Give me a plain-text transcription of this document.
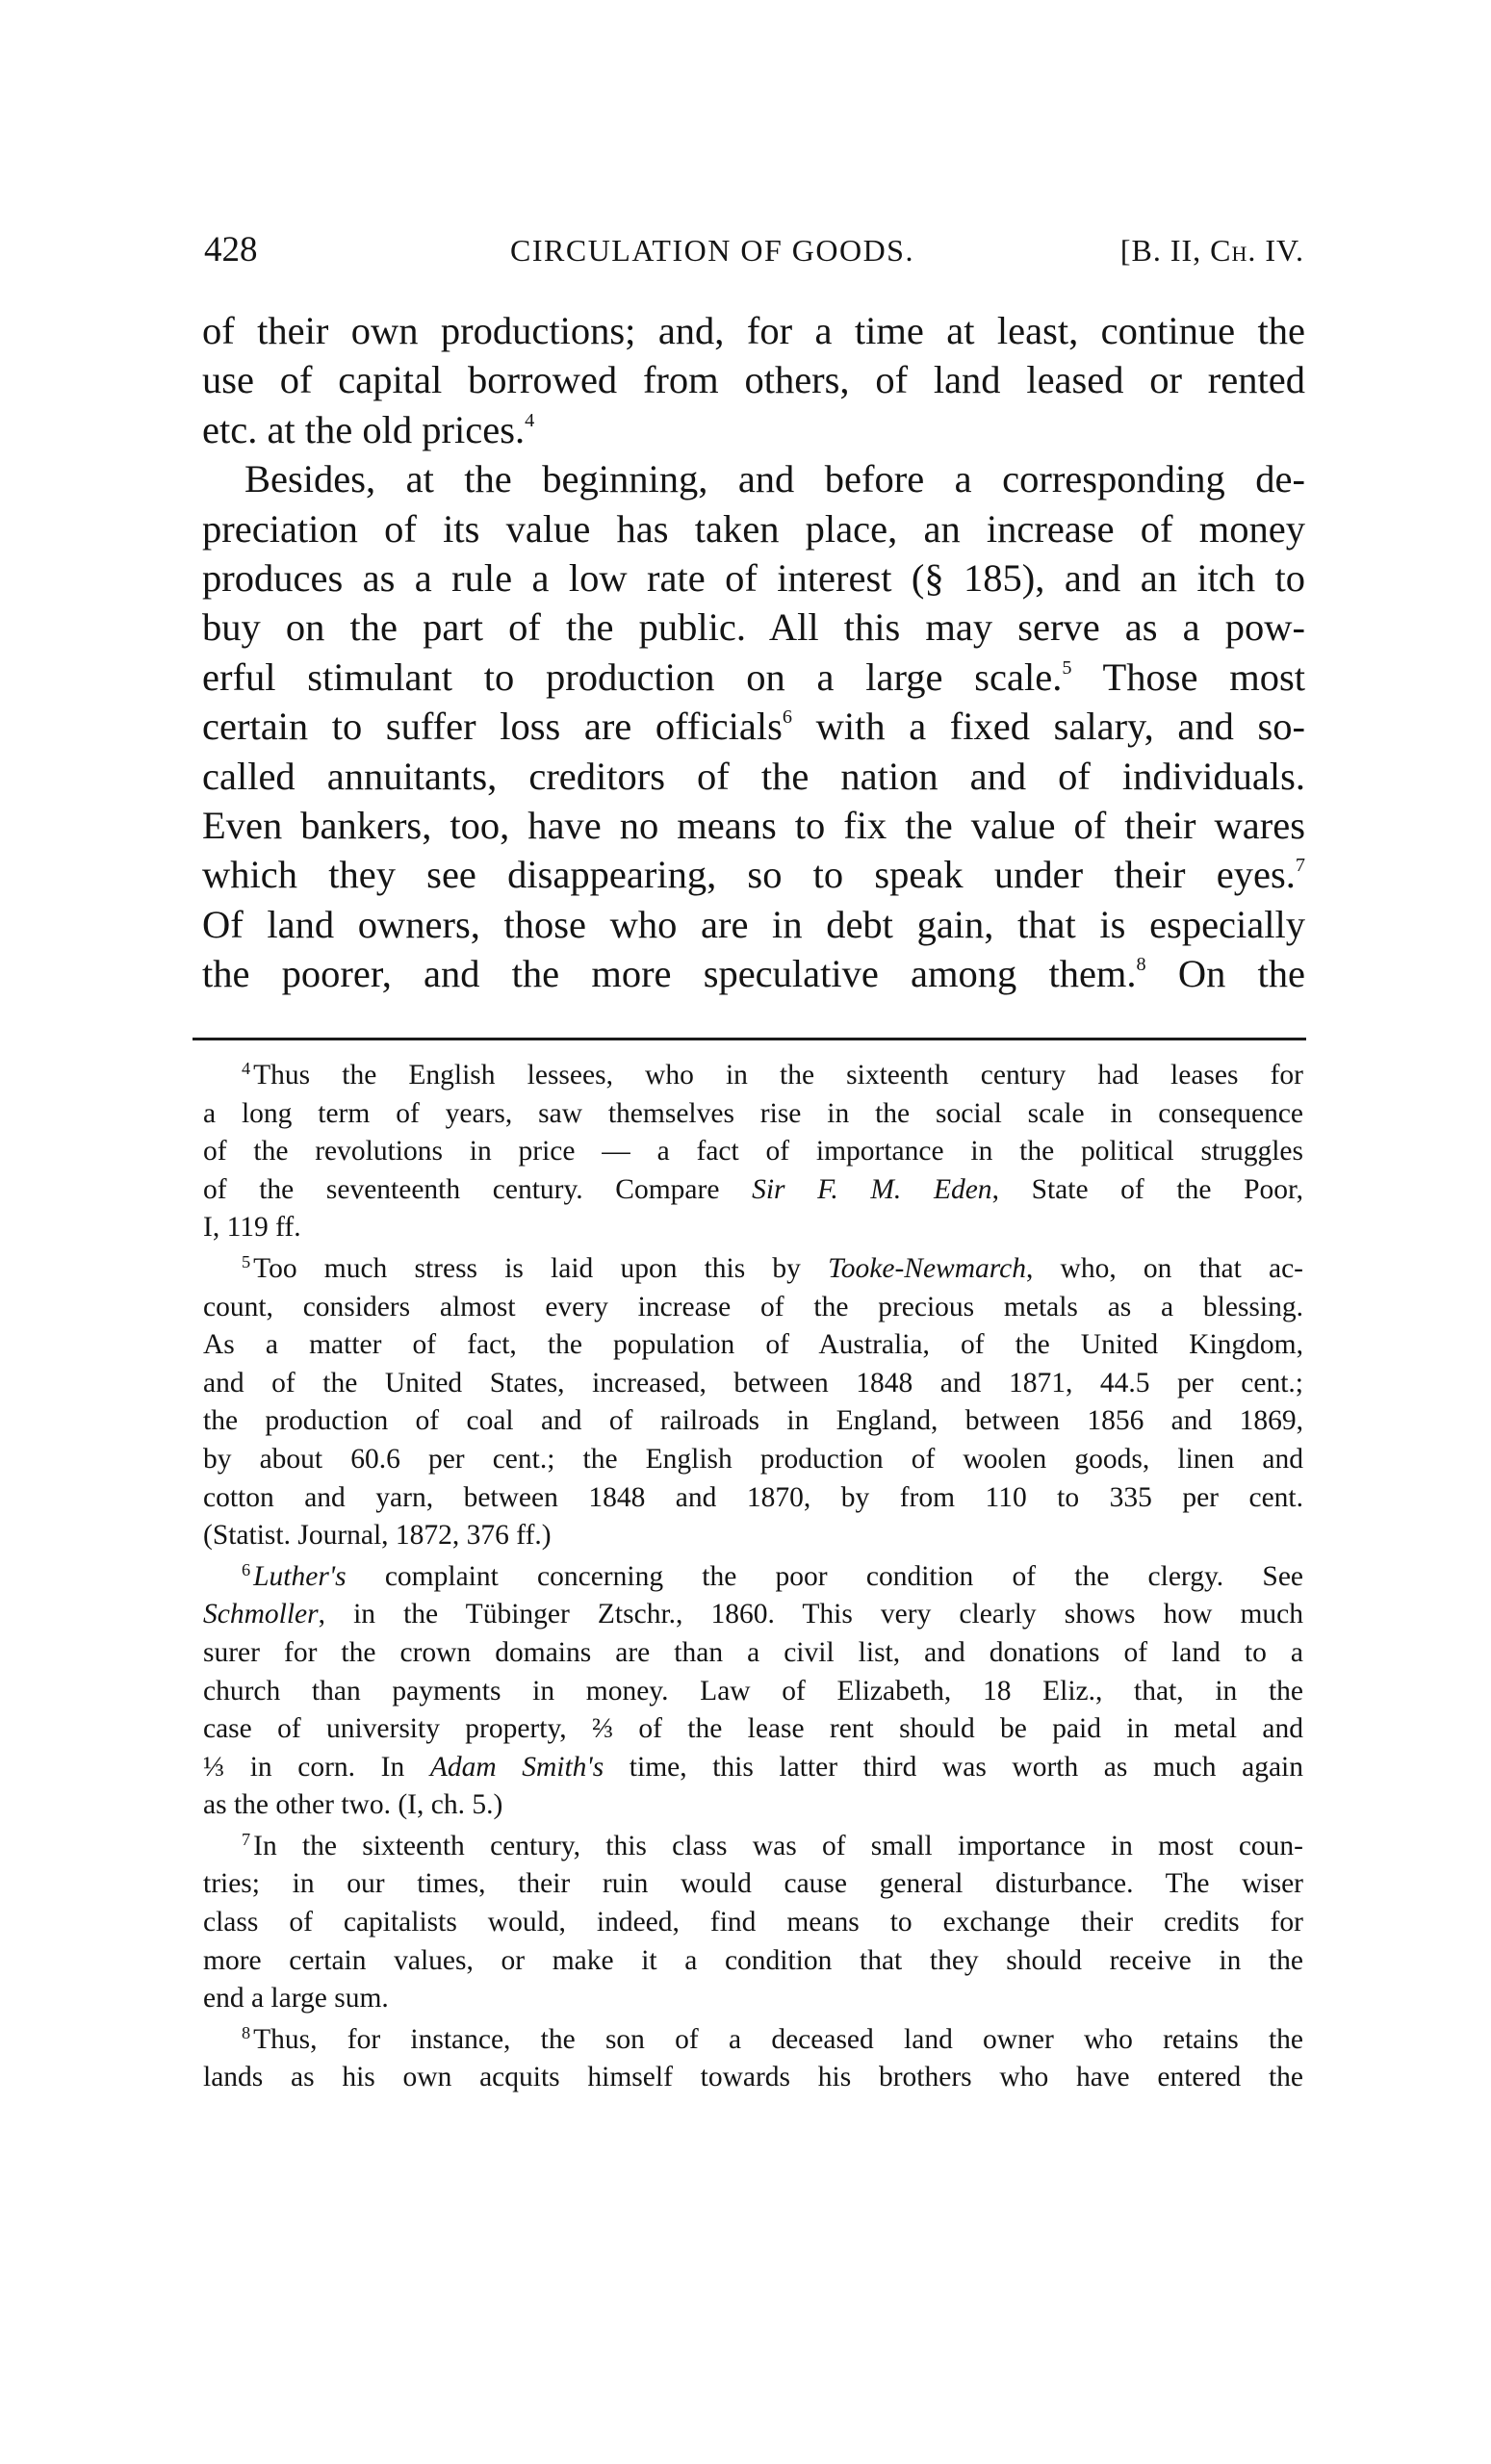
428	CIRCULATION OF GOODS.	[B. II, Ch. IV.
of their own productions; and, for a time at least, continue the
use of capital borrowed from others, of land leased or rented
etc. at the old prices.$^4$
Besides, at the beginning, and before a corresponding de-
preciation of its value has taken place, an increase of money
produces as a rule a low rate of interest (§ 185), and an itch to
buy on the part of the public. All this may serve as a pow-
erful stimulant to production on a large scale.$^5$ Those most
certain to suffer loss are officials$^6$ with a fixed salary, and so-
called annuitants, creditors of the nation and of individuals.
Even bankers, too, have no means to fix the value of their wares
which they see disappearing, so to speak under their eyes.$^7$
Of land owners, those who are in debt gain, that is especially
the poorer, and the more speculative among them.$^8$ On the
$^4$ Thus the English lessees, who in the sixteenth century had leases for
a long term of years, saw themselves rise in the social scale in consequence
of the revolutions in price — a fact of importance in the political struggles
of the seventeenth century. Compare Sir F. M. Eden, State of the Poor,
I, 119 ff.
$^5$ Too much stress is laid upon this by Tooke-Newmarch, who, on that ac-
count, considers almost every increase of the precious metals as a blessing.
As a matter of fact, the population of Australia, of the United Kingdom,
and of the United States, increased, between 1848 and 1871, 44.5 per cent.;
the production of coal and of railroads in England, between 1856 and 1869,
by about 60.6 per cent.; the English production of woolen goods, linen and
cotton and yarn, between 1848 and 1870, by from 110 to 335 per cent.
(Statist. Journal, 1872, 376 ff.)
$^6$ Luther's complaint concerning the poor condition of the clergy. See
Schmoller, in the Tübinger Ztschr., 1860. This very clearly shows how much
surer for the crown domains are than a civil list, and donations of land to a
church than payments in money. Law of Elizabeth, 18 Eliz., that, in the
case of university property, ⅔ of the lease rent should be paid in metal and
⅓ in corn. In Adam Smith's time, this latter third was worth as much again
as the other two. (I, ch. 5.)
$^7$ In the sixteenth century, this class was of small importance in most coun-
tries; in our times, their ruin would cause general disturbance. The wiser
class of capitalists would, indeed, find means to exchange their credits for
more certain values, or make it a condition that they should receive in the
end a large sum.
$^8$ Thus, for instance, the son of a deceased land owner who retains the
lands as his own acquits himself towards his brothers who have entered the
